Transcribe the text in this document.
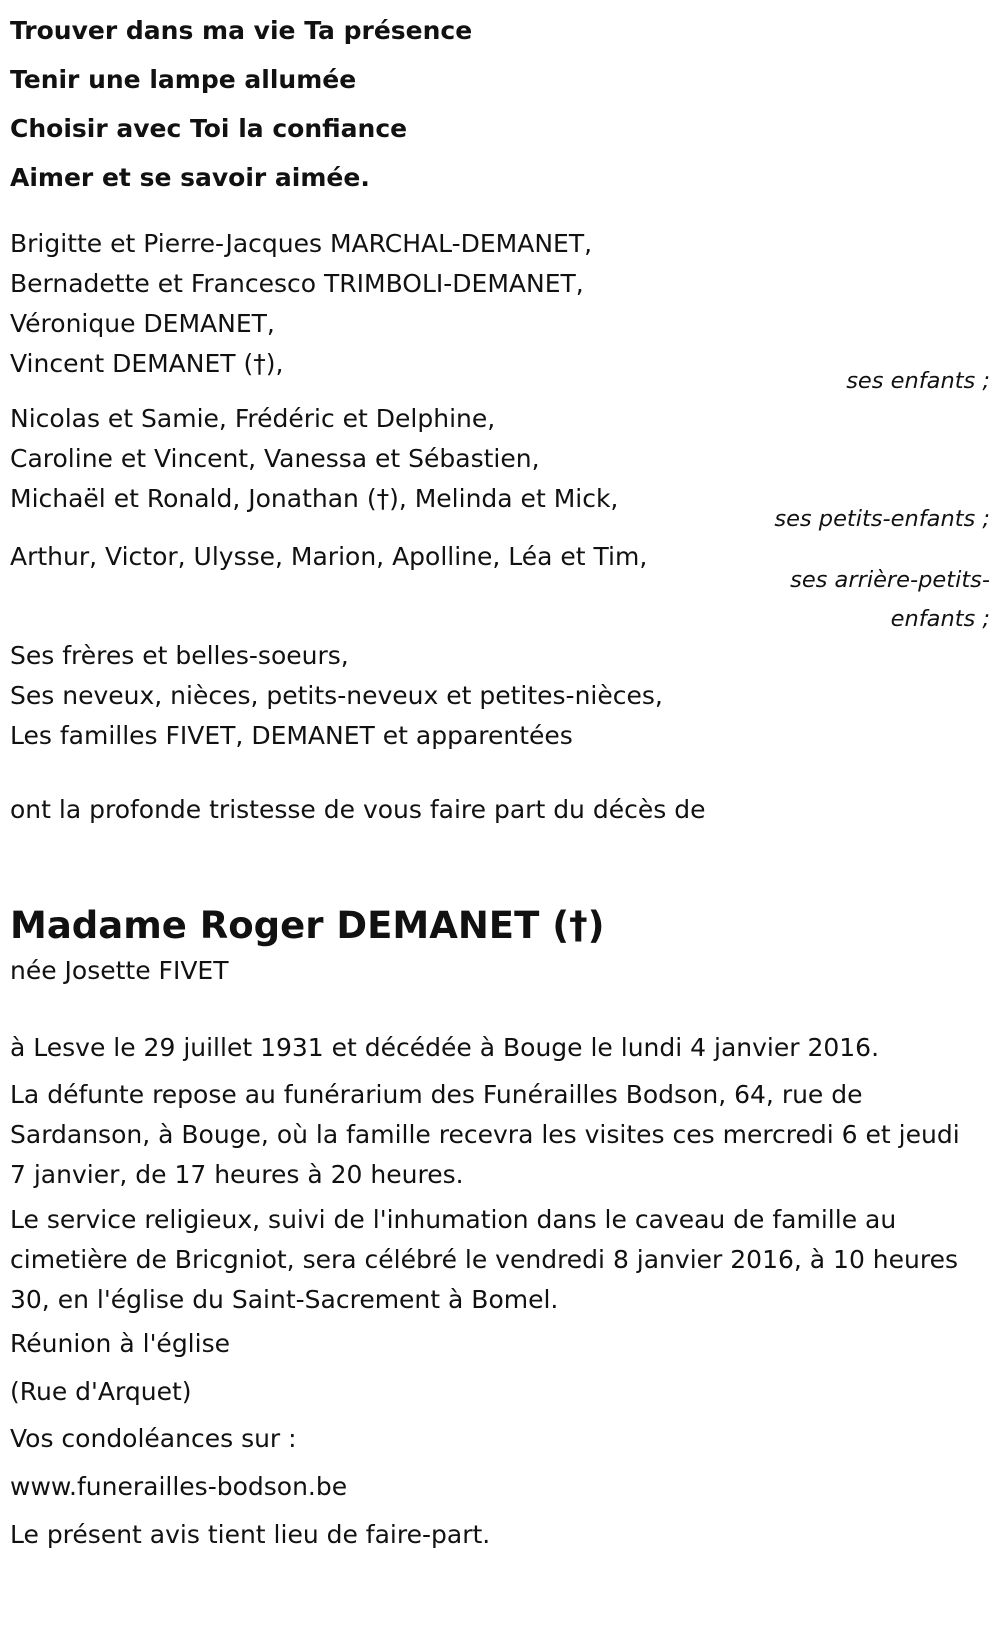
Trouver dans ma vie Ta présence
Tenir une lampe allumée
Choisir avec Toi la confiance
Aimer et se savoir aimée.
Brigitte et Pierre-Jacques MARCHAL-DEMANET,
Bernadette et Francesco TRIMBOLI-DEMANET,
Véronique DEMANET,
Vincent DEMANET (†),
ses enfants ;
Nicolas et Samie, Frédéric et Delphine,
Caroline et Vincent, Vanessa et Sébastien,
Michaël et Ronald, Jonathan (†), Melinda et Mick,
ses petits-enfants ;
Arthur, Victor, Ulysse, Marion, Apolline, Léa et Tim,
ses arrière-petits-
enfants ;
Ses frères et belles-soeurs,
Ses neveux, nièces, petits-neveux et petites-nièces,
Les familles FIVET, DEMANET et apparentées
ont la profonde tristesse de vous faire part du décès de
Madame Roger DEMANET (†)
née Josette FIVET
à Lesve le 29 juillet 1931 et décédée à Bouge le lundi 4 janvier 2016.
La défunte repose au funérarium des Funérailles Bodson, 64, rue de Sardanson, à Bouge, où la famille recevra les visites ces mercredi 6 et jeudi 7 janvier, de 17 heures à 20 heures.
Le service religieux, suivi de l'inhumation dans le caveau de famille au cimetière de Bricgniot, sera célébré le vendredi 8 janvier 2016, à 10 heures 30, en l'église du Saint-Sacrement à Bomel.
Réunion à l'église
(Rue d'Arquet)
Vos condoléances sur :
www.funerailles-bodson.be
Le présent avis tient lieu de faire-part.
